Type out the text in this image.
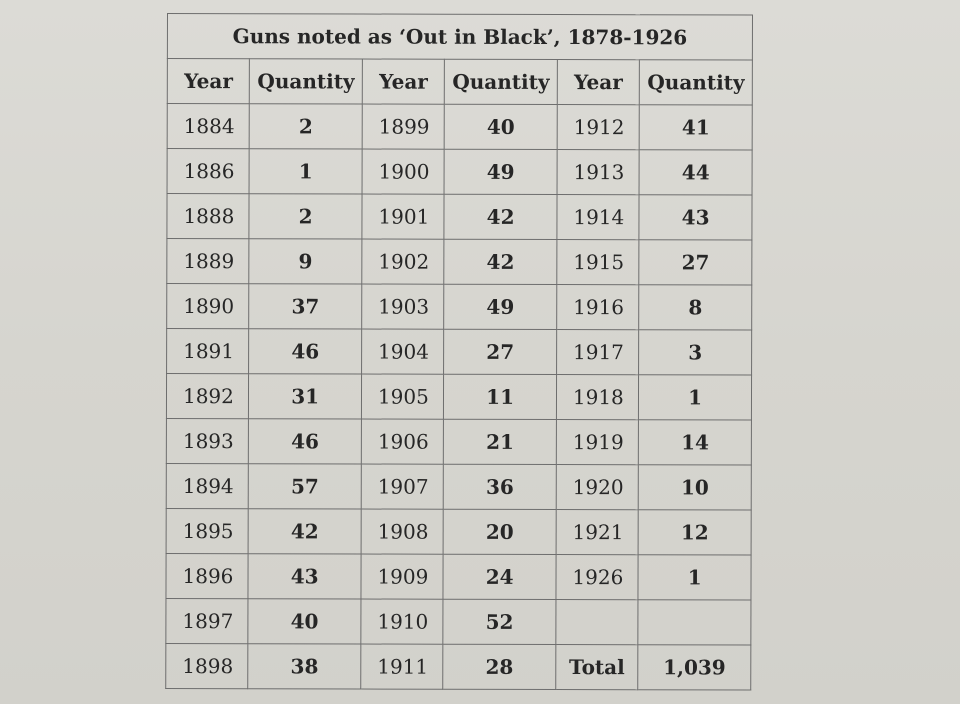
Guns noted as ‘Out in Black’, 1878-1926					
Year	Quantity	Year	Quantity	Year	Quantity
1884	2	1899	40	1912	41
1886	1	1900	49	1913	44
1888	2	1901	42	1914	43
1889	9	1902	42	1915	27
1890	37	1903	49	1916	8
1891	46	1904	27	1917	3
1892	31	1905	11	1918	1
1893	46	1906	21	1919	14
1894	57	1907	36	1920	10
1895	42	1908	20	1921	12
1896	43	1909	24	1926	1
1897	40	1910	52		
1898	38	1911	28	Total	1,039
